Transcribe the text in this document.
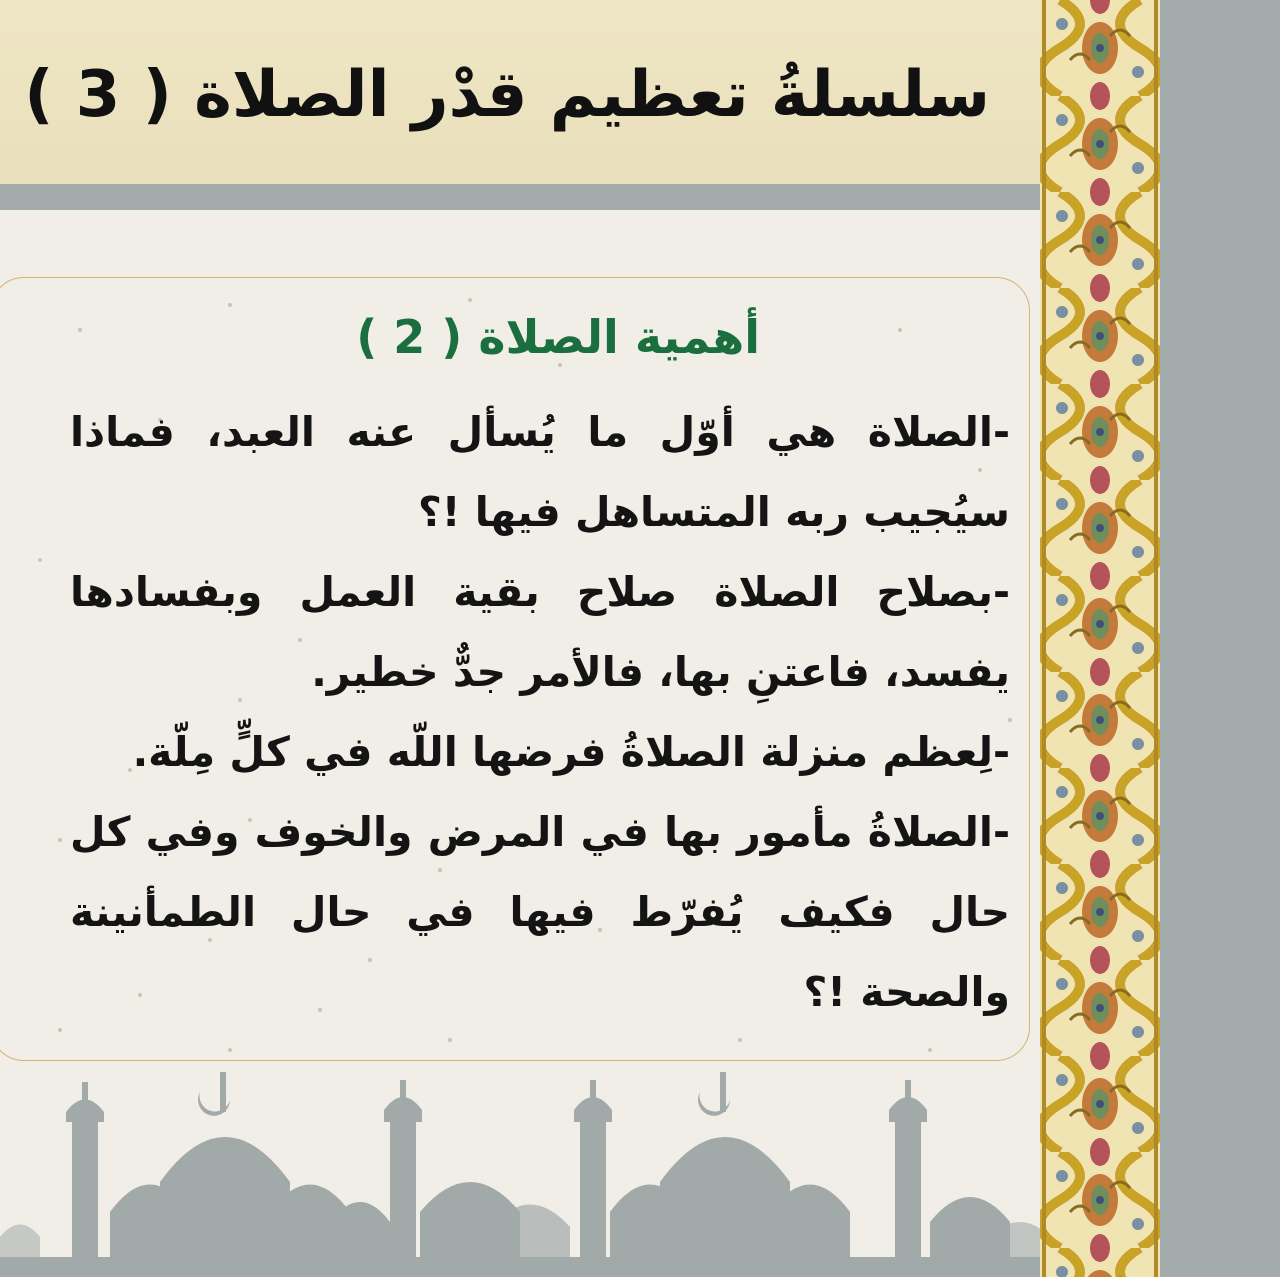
سلسلةُ تعظيم قدْر الصلاة ( 3 )
أهمية الصلاة ( 2 )

-الصلاة هي أوّل ما يُسأل عنه العبد، فماذا سيُجيب ربه المتساهل فيها !؟

-بصلاح الصلاة صلاح بقية العمل وبفسادها يفسد، فاعتنِ بها، فالأمر جدٌّ خطير.

-لِعظم منزلة الصلاةُ فرضها اللّه في كلٍّ مِلّة.

-الصلاةُ مأمور بها في المرض والخوف وفي كل حال فكيف يُفرّط فيها في حال الطمأنينة والصحة !؟
